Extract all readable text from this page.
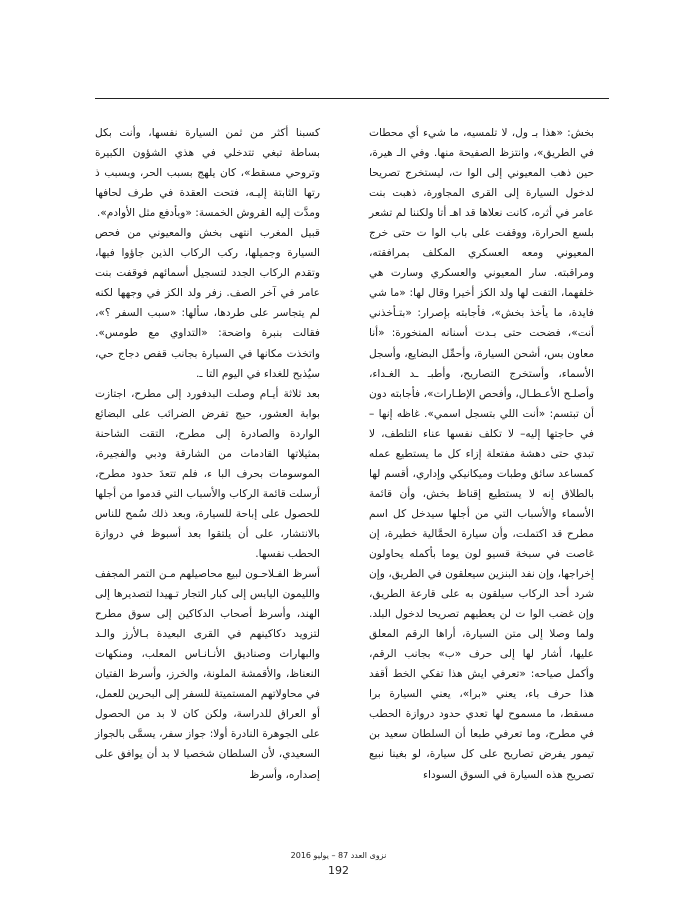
بخش: «هذا بـ ول، لا تلمسيه، ما شيء أي محطات في الطريق»، وانتزظ الصفيحة منها. وفي الـ هيرة، حين ذهب المعيوني إلى الوا ت، ليستخرج تصريحا لدخول السيارة إلى القرى المجاورة، ذهبت بنت عامر في أثره، كانت نعلاها قد اهـ أتا ولكننا لم تشعر بلسع الحرارة، ووقفت على باب الوا ت حتى خرج المعيوني ومعه العسكري المكلف بمرافقته، ومراقبته. سار المعيوني والعسكري وسارت هي خلفهما، التفت لها ولد الكز أخيرا وقال لها: «ما شي فايدة، ما يأخذ بخش»، فأجابته بإصرار: «بتـأخذني أنت»، فضحت حتى بـدت أسنانه المنخورة: «أنا معاون بس، أشحن السيارة، وأحمِّل البضايع، وأسجل الأسماء، وأستخرج التصاريح، وأطبـ ـد الغـداء، وأصلـح الأعـطـال، وأفحص الإطـارات»، فأجابته دون أن تبتسم: «أنت اللي بتسجل اسمي». غاظه إنها – في حاجتها إليه– لا تكلف نفسها عناء التلطف، لا تبدي حتى دهشة مفتعلة إزاء كل ما يستطيع عمله كمساعد سائق وطبات وميكانيكي وإداري، أقسم لها بالطلاق إنه لا يستطيع إقناظ بخش، وأن قائمة الأسماء والأسباب التي من أجلها سيدخل كل اسم مطرح قد اكتملت، وأن سيارة الحمَّالية خطيرة، إن غاصت في سبخة قسيو لون يوما بأكمله يحاولون إخراجها، وإن نفد البنزين سيعلقون في الطريق، وإن شرد أحد الركاب سيلقون به على قارعة الطريق، وإن غضب الوا ت لن يعطيهم تصريحا لدخول البلد. ولما وصلا إلى متن السيارة، أراها الرقم المعلق عليها، أشار لها إلى حرف «ب» بجانب الرقم، وأكمل صياحه: «تعرفي ايش هذا تفكي الخط أقفد هذا حرف باء، يعني «برا»، يعني السيارة برا مسقط، ما مسموح لها تعدي حدود دروازة الحطب في مطرح، وما تعرفي طبعا أن السلطان سعيد بن تيمور يفرض تصاريح على كل سيارة، لو بغينا نبيع تصريح هذه السيارة في السوق السوداء

كسبنا أكثر من ثمن السيارة نفسها، وأنت بكل بساطة تبغي تتدخلي في هذي الشؤون الكبيرة وتروحي مسقط»، كان يلهج بسبب الحر، وبسبب ذ رتها الثابتة إليـه، فتحت العقدة في طرف لحافها ومدَّت إليه القروش الخمسة: «وبأدفع مثل الأوادم».

قبيل المغرب انتهى بخش والمعيوني من فحص السيارة وجميلها، ركب الركاب الذين جاؤوا فيها، وتقدم الركاب الجدد لتسجيل أسمائهم فوقفت بنت عامر في آخر الصف. زفر ولد الكز في وجهها لكنه لم يتجاسر على طردها، سألها: «سبب السفر ؟»، فقالت بنبرة واضحة: «التداوي مع طومس». واتخذت مكانها في السيارة بجانب قفص دجاج حي، سيُذبح للغداء في اليوم التا ـ.

بعد ثلاثة أيـام وصلت البدفورد إلى مطرح، اجتازت بوابة العشور، حيج تفرض الضرائب على البضائع الواردة والصادرة إلى مطرح، التقت الشاحنة بمثيلاتها القادمات من الشارقة ودبي والفجيرة، الموسومات بحرف البا ء، فلم تتعدَ حدود مطرح، أرسلت قائمة الركاب والأسباب التي قدموا من أجلها للحصول على إباحة للسيارة، وبعد ذلك سُمح للناس بالانتشار، على أن يلتقوا بعد أسبوظ في دروازة الحطب نفسها.

أسرظ الفـلاحـون لبيع محاصيلهم مـن التمر المجفف والليمون اليابس إلى كبار التجار تـهيدا لتصديرها إلى الهند، وأسرظ أصحاب الدكاكين إلى سوق مطرح لتزويد دكاكينهم في القرى البعيدة بـالأرز والـد والبهارات وصناديق الأنـانـاس المعلب، ومنكهات النعناظ، والأقمشة الملونة، والخرز، وأسرظ الفتيان في محاولاتهم المستميتة للسفر إلى البحرين للعمل، أو العراق للدراسة، ولكن كان لا بد من الحصول على الجوهرة النادرة أولا: جواز سفر، يسمَّى بالجواز السعيدي، لأن السلطان شخصيا لا بد أن يوافق على إصداره، وأسرظ

نزوى العدد 87 – يوليو 2016
192
